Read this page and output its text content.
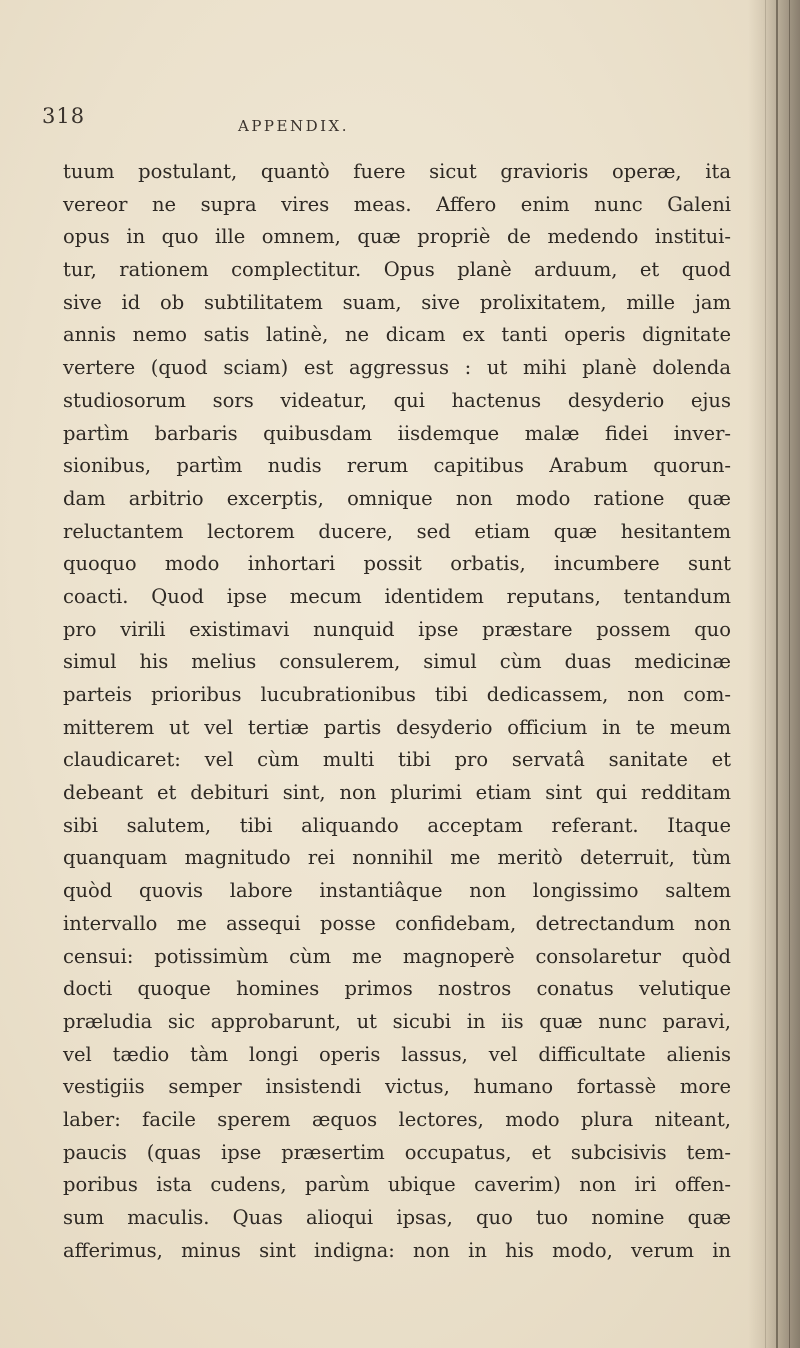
318	APPENDIX.
tuum postulant, quantò fuere sicut gravioris operæ, ita
vereor ne supra vires meas. Affero enim nunc Galeni
opus in quo ille omnem, quæ propriè de medendo institui-
tur, rationem complectitur. Opus planè arduum, et quod
sive id ob subtilitatem suam, sive prolixitatem, mille jam
annis nemo satis latinè, ne dicam ex tanti operis dignitate
vertere (quod sciam) est aggressus : ut mihi planè dolenda
studiosorum sors videatur, qui hactenus desyderio ejus
partìm barbaris quibusdam iisdemque malæ fidei inver-
sionibus, partìm nudis rerum capitibus Arabum quorun-
dam arbitrio excerptis, omnique non modo ratione quæ
reluctantem lectorem ducere, sed etiam quæ hesitantem
quoquo modo inhortari possit orbatis, incumbere sunt
coacti. Quod ipse mecum identidem reputans, tentandum
pro virili existimavi nunquid ipse præstare possem quo
simul his melius consulerem, simul cùm duas medicinæ
parteis prioribus lucubrationibus tibi dedicassem, non com-
mitterem ut vel tertiæ partis desyderio officium in te meum
claudicaret: vel cùm multi tibi pro servatâ sanitate et
debeant et debituri sint, non plurimi etiam sint qui redditam
sibi salutem, tibi aliquando acceptam referant. Itaque
quanquam magnitudo rei nonnihil me meritò deterruit, tùm
quòd quovis labore instantiâque non longissimo saltem
intervallo me assequi posse confidebam, detrectandum non
censui: potissimùm cùm me magnoperè consolaretur quòd
docti quoque homines primos nostros conatus velutique
præludia sic approbarunt, ut sicubi in iis quæ nunc paravi,
vel tædio tàm longi operis lassus, vel difficultate alienis
vestigiis semper insistendi victus, humano fortassè more
laber: facile sperem æquos lectores, modo plura niteant,
paucis (quas ipse præsertim occupatus, et subcisivis tem-
poribus ista cudens, parùm ubique caverim) non iri offen-
sum maculis. Quas alioqui ipsas, quo tuo nomine quæ
afferimus, minus sint indigna: non in his modo, verum in
